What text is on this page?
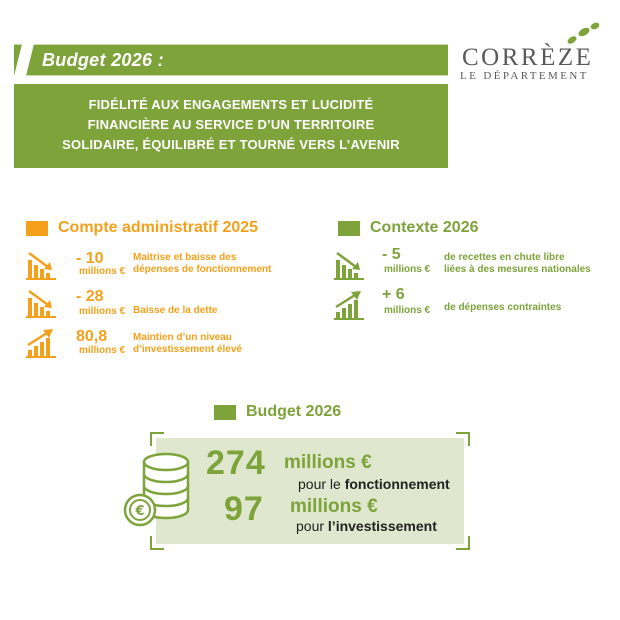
Budget 2026 :
FIDÉLITÉ AUX ENGAGEMENTS ET LUCIDITÉ
FINANCIÈRE AU SERVICE D’UN TERRITOIRE
SOLIDAIRE, ÉQUILIBRÉ ET TOURNÉ VERS L’AVENIR
CORRÈZE
LE DÉPARTEMENT
Compte administratif 2025
- 10
millions €
Maitrise et baisse des
dépenses de fonctionnement
- 28
millions € Baisse de la dette
80,8
millions €
Maintien d’un niveau
d’investissement élevé
Contexte 2026
- 5
millions €
de recettes en chute libre
liées à des mesures nationales
+ 6
millions € de dépenses contraintes
Budget 2026
€
274 millions €
pour le fonctionnement
97 millions €
pour l’investissement
